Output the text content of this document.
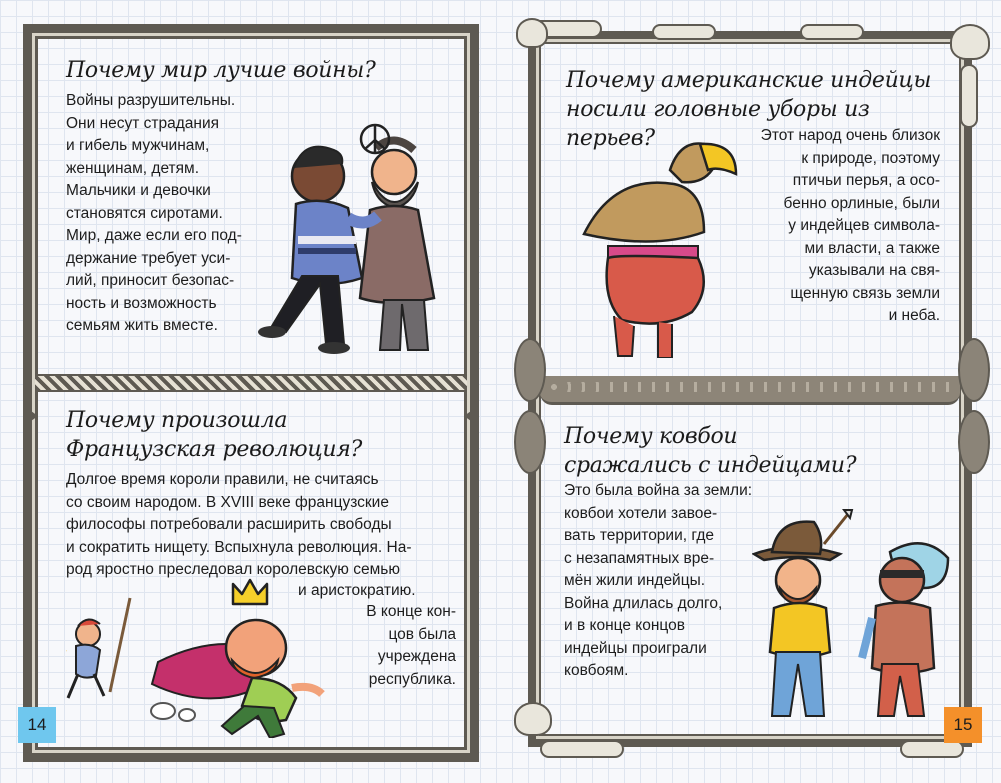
Почему мир лучше войны?
Войны разрушительны.
Они несут страдания
и гибель мужчинам,
женщинам, детям.
Мальчики и девочки
становятся сиротами.
Мир, даже если его под-
держание требует уси-
лий, приносит безопас-
ность и возможность
семьям жить вместе.
Почему произошла
Французская революция?
Долгое время короли правили, не считаясь
со своим народом. В XVIII веке французские
философы потребовали расширить свободы
и сократить нищету. Вспыхнула революция. На-
род яростно преследовал королевскую семью
и аристократию.
В конце кон-
цов была
учреждена
республика.
14
Почему американские индейцы
носили головные уборы из перьев?	Этот народ очень близок
к природе, поэтому
птичьи перья, а осо-
бенно орлиные, были
у индейцев символа-
ми власти, а также
указывали на свя-
щенную связь земли
и неба.
Почему ковбои
сражались с индейцами?
Это была война за земли:
ковбои хотели завое-
вать территории, где
с незапамятных вре-
мён жили индейцы.
Война длилась долго,
и в конце концов
индейцы проиграли
ковбоям.
15
